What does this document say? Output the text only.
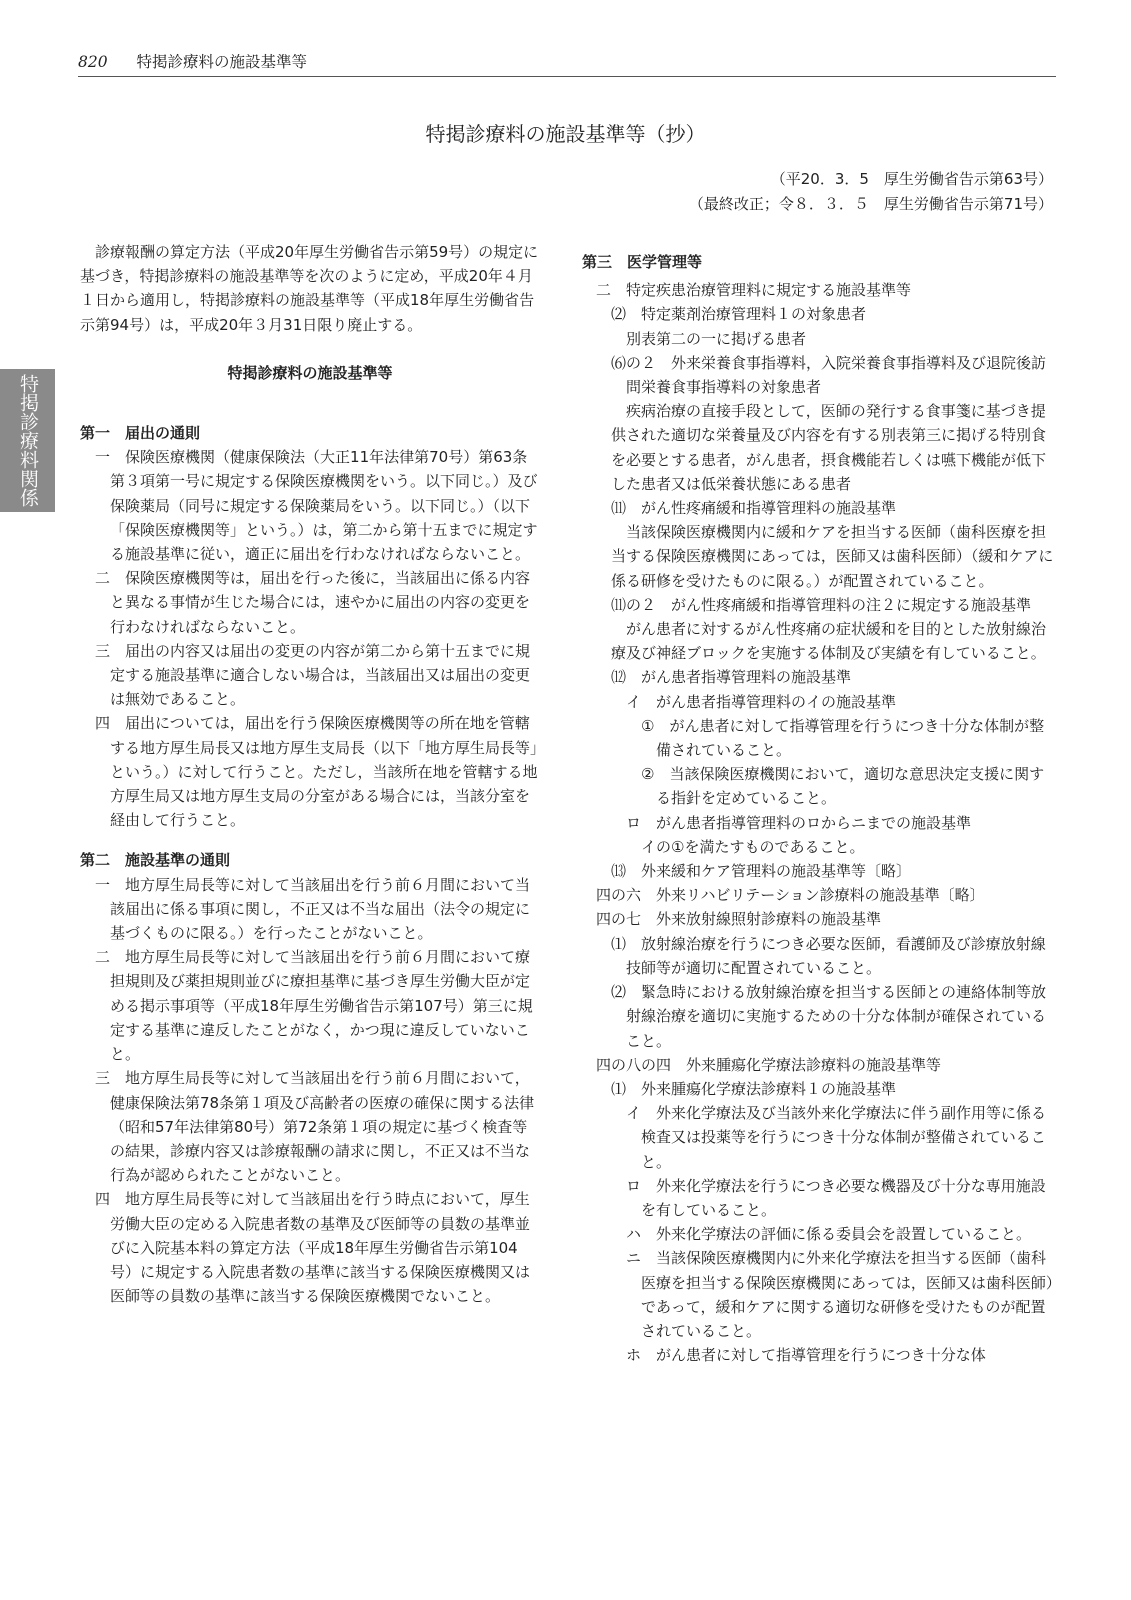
820 特掲診療料の施設基準等
特掲診療料関係
特掲診療料の施設基準等（抄）
（平20．3．5　厚生労働省告示第63号）
（最終改正；令８．３．５　厚生労働省告示第71号）

診療報酬の算定方法（平成20年厚生労働省告示第59号）の規定に基づき，特掲診療料の施設基準等を次のように定め，平成20年４月１日から適用し，特掲診療料の施設基準等（平成18年厚生労働省告示第94号）は，平成20年３月31日限り廃止する。

特掲診療料の施設基準等

第一　届出の通則

一　 保険医療機関（健康保険法（大正11年法律第70号）第63条第３項第一号に規定する保険医療機関をいう。以下同じ。）及び保険薬局（同号に規定する保険薬局をいう。以下同じ。）（以下「保険医療機関等」という。）は，第二から第十五までに規定する施設基準に従い，適正に届出を行わなければならないこと。

二　 保険医療機関等は，届出を行った後に，当該届出に係る内容と異なる事情が生じた場合には，速やかに届出の内容の変更を行わなければならないこと。

三　 届出の内容又は届出の変更の内容が第二から第十五までに規定する施設基準に適合しない場合は，当該届出又は届出の変更は無効であること。

四　 届出については，届出を行う保険医療機関等の所在地を管轄する地方厚生局長又は地方厚生支局長（以下「地方厚生局長等」という。）に対して行うこと。ただし，当該所在地を管轄する地方厚生局又は地方厚生支局の分室がある場合には，当該分室を経由して行うこと。

第二　施設基準の通則

一　 地方厚生局長等に対して当該届出を行う前６月間において当該届出に係る事項に関し，不正又は不当な届出（法令の規定に基づくものに限る。）を行ったことがないこと。

二　 地方厚生局長等に対して当該届出を行う前６月間において療担規則及び薬担規則並びに療担基準に基づき厚生労働大臣が定める掲示事項等（平成18年厚生労働省告示第107号）第三に規定する基準に違反したことがなく，かつ現に違反していないこと。

三　 地方厚生局長等に対して当該届出を行う前６月間において，健康保険法第78条第１項及び高齢者の医療の確保に関する法律（昭和57年法律第80号）第72条第１項の規定に基づく検査等の結果，診療内容又は診療報酬の請求に関し，不正又は不当な行為が認められたことがないこと。

四　 地方厚生局長等に対して当該届出を行う時点において，厚生労働大臣の定める入院患者数の基準及び医師等の員数の基準並びに入院基本料の算定方法（平成18年厚生労働省告示第104号）に規定する入院患者数の基準に該当する保険医療機関又は医師等の員数の基準に該当する保険医療機関でないこと。

第三　医学管理等

二　特定疾患治療管理料に規定する施設基準等

⑵　特定薬剤治療管理料１の対象患者

別表第二の一に掲げる患者

⑹の２　外来栄養食事指導料，入院栄養食事指導料及び退院後訪問栄養食事指導料の対象患者

疾病治療の直接手段として，医師の発行する食事箋に基づき提供された適切な栄養量及び内容を有する別表第三に掲げる特別食を必要とする患者，がん患者，摂食機能若しくは嚥下機能が低下した患者又は低栄養状態にある患者

⑾　がん性疼痛緩和指導管理料の施設基準

当該保険医療機関内に緩和ケアを担当する医師（歯科医療を担当する保険医療機関にあっては，医師又は歯科医師）（緩和ケアに係る研修を受けたものに限る。）が配置されていること。

⑾の２　がん性疼痛緩和指導管理料の注２に規定する施設基準

がん患者に対するがん性疼痛の症状緩和を目的とした放射線治療及び神経ブロックを実施する体制及び実績を有していること。

⑿　がん患者指導管理料の施設基準

イ　がん患者指導管理料のイの施設基準

①　がん患者に対して指導管理を行うにつき十分な体制が整備されていること。

②　当該保険医療機関において，適切な意思決定支援に関する指針を定めていること。

ロ　がん患者指導管理料のロからニまでの施設基準

イの①を満たすものであること。

⒀　外来緩和ケア管理料の施設基準等〔略〕

四の六　外来リハビリテーション診療料の施設基準〔略〕

四の七　外来放射線照射診療料の施設基準

⑴　放射線治療を行うにつき必要な医師，看護師及び診療放射線技師等が適切に配置されていること。

⑵　緊急時における放射線治療を担当する医師との連絡体制等放射線治療を適切に実施するための十分な体制が確保されていること。

四の八の四　外来腫瘍化学療法診療料の施設基準等

⑴　外来腫瘍化学療法診療料１の施設基準

イ　外来化学療法及び当該外来化学療法に伴う副作用等に係る検査又は投薬等を行うにつき十分な体制が整備されていること。

ロ　外来化学療法を行うにつき必要な機器及び十分な専用施設を有していること。

ハ　外来化学療法の評価に係る委員会を設置していること。

ニ　当該保険医療機関内に外来化学療法を担当する医師（歯科医療を担当する保険医療機関にあっては，医師又は歯科医師）であって，緩和ケアに関する適切な研修を受けたものが配置されていること。

ホ　がん患者に対して指導管理を行うにつき十分な体
